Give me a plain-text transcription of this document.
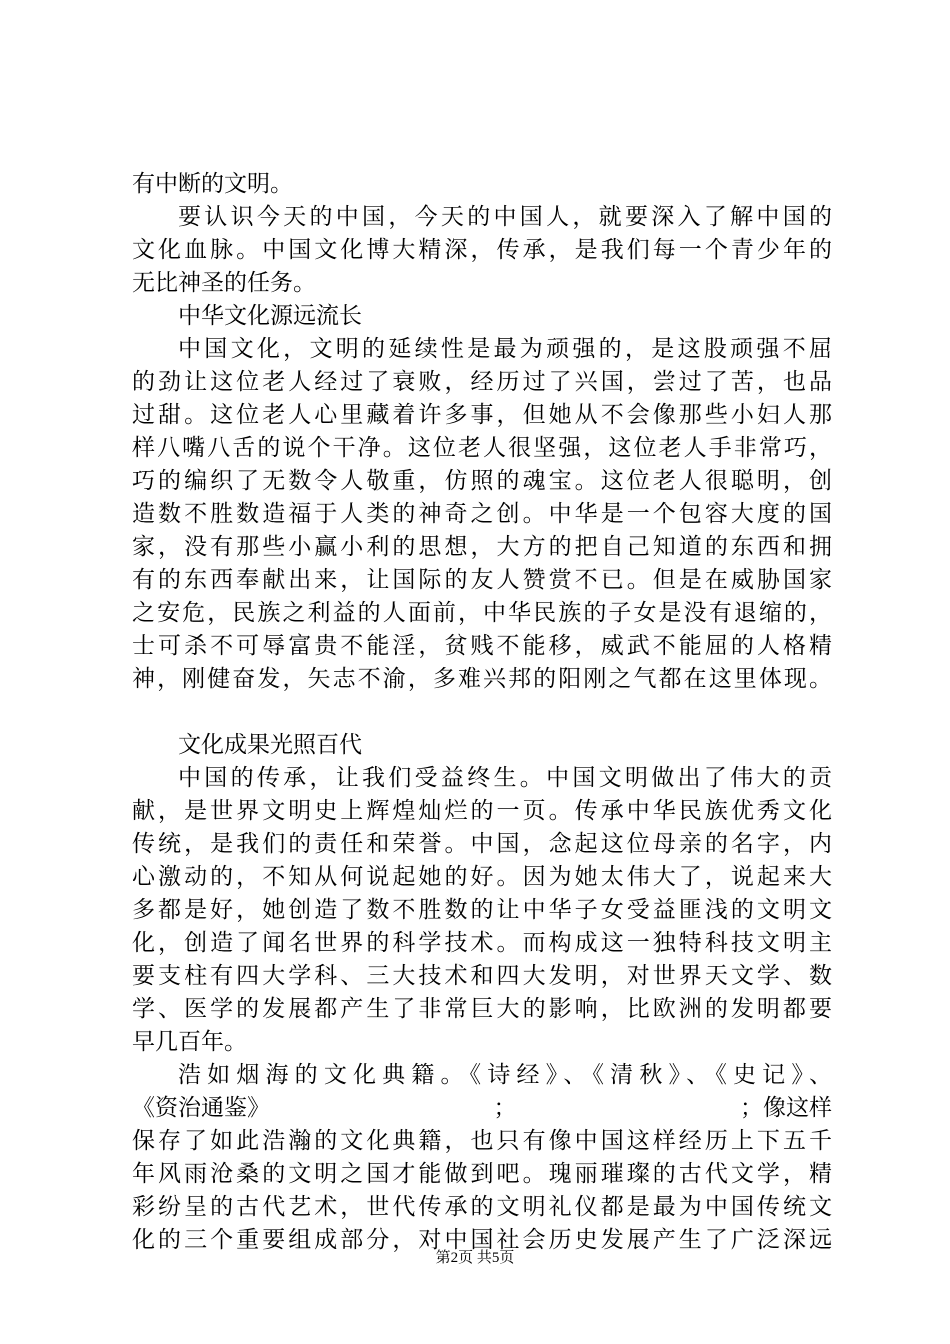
有中断的文明。
要认识今天的中国，今天的中国人，就要深入了解中国的
文化血脉。中国文化博大精深，传承，是我们每一个青少年的
无比神圣的任务。
中华文化源远流长
中国文化，文明的延续性是最为顽强的，是这股顽强不屈
的劲让这位老人经过了衰败，经历过了兴国，尝过了苦，也品
过甜。这位老人心里藏着许多事，但她从不会像那些小妇人那
样八嘴八舌的说个干净。这位老人很坚强，这位老人手非常巧，
巧的编织了无数令人敬重，仿照的魂宝。这位老人很聪明，创
造数不胜数造福于人类的神奇之创。中华是一个包容大度的国
家，没有那些小赢小利的思想，大方的把自己知道的东西和拥
有的东西奉献出来，让国际的友人赞赏不已。但是在威胁国家
之安危，民族之利益的人面前，中华民族的子女是没有退缩的，
士可杀不可辱富贵不能淫，贫贱不能移，威武不能屈的人格精
神，刚健奋发，矢志不渝，多难兴邦的阳刚之气都在这里体现。
文化成果光照百代
中国的传承，让我们受益终生。中国文明做出了伟大的贡
献，是世界文明史上辉煌灿烂的一页。传承中华民族优秀文化
传统，是我们的责任和荣誉。中国，念起这位母亲的名字，内
心激动的，不知从何说起她的好。因为她太伟大了，说起来大
多都是好，她创造了数不胜数的让中华子女受益匪浅的文明文
化，创造了闻名世界的科学技术。而构成这一独特科技文明主
要支柱有四大学科、三大技术和四大发明，对世界天文学、数
学、医学的发展都产生了非常巨大的影响，比欧洲的发明都要
早几百年。
浩如烟海的文化典籍。《诗经》、《清秋》、《史记》、
《资治通鉴》	；	；像这样
保存了如此浩瀚的文化典籍，也只有像中国这样经历上下五千
年风雨沧桑的文明之国才能做到吧。瑰丽璀璨的古代文学，精
彩纷呈的古代艺术，世代传承的文明礼仪都是最为中国传统文
化的三个重要组成部分，对中国社会历史发展产生了广泛深远
第2页 共5页
